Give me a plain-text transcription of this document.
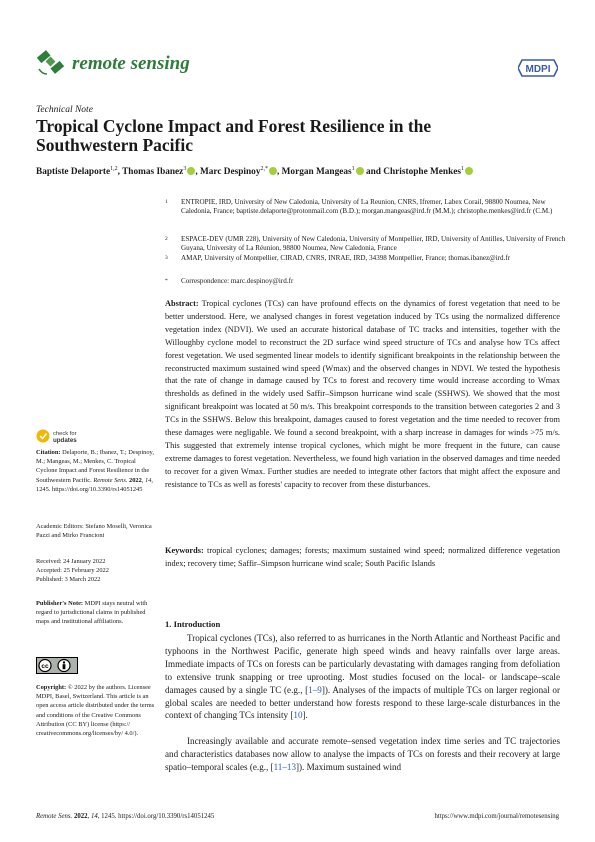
remote sensing	MDPI
Technical Note
Tropical Cyclone Impact and Forest Resilience in the Southwestern Pacific
Baptiste Delaporte$^{1,2}$, Thomas Ibanez$^3$ , Marc Despinoy$^{2,*}$ , Morgan Mangeas$^1$ and Christophe Menkes$^1$
1 ENTROPIE, IRD, University of New Caledonia, University of La Reunion, CNRS, Ifremer, Labex Corail, 98800 Noumea, New Caledonia, France; baptiste.delaporte@protonmail.com (B.D.); morgan.mangeas@ird.fr (M.M.); christophe.menkes@ird.fr (C.M.)
2 ESPACE-DEV (UMR 228), University of New Caledonia, University of Montpellier, IRD, University of Antilles, University of French Guyana, University of La Réunion, 98800 Noumea, New Caledonia, France
3 AMAP, University of Montpellier, CIRAD, CNRS, INRAE, IRD, 34398 Montpellier, France; thomas.ibanez@ird.fr
* Correspondence: marc.despinoy@ird.fr
Abstract: Tropical cyclones (TCs) can have profound effects on the dynamics of forest vegetation that need to be better understood. Here, we analysed changes in forest vegetation induced by TCs using the normalized difference vegetation index (NDVI). We used an accurate historical database of TC tracks and intensities, together with the Willoughby cyclone model to reconstruct the 2D surface wind speed structure of TCs and analyse how TCs affect forest vegetation. We used segmented linear models to identify significant breakpoints in the relationship between the reconstructed maximum sustained wind speed (Wmax) and the observed changes in NDVI. We tested the hypothesis that the rate of change in damage caused by TCs to forest and recovery time would increase according to Wmax thresholds as defined in the widely used Saffir–Simpson hurricane wind scale (SSHWS). We showed that the most significant breakpoint was located at 50 m/s. This breakpoint corresponds to the transition between categories 2 and 3 TCs in the SSHWS. Below this breakpoint, damages caused to forest vegetation and the time needed to recover from these damages were negligable. We found a second breakpoint, with a sharp increase in damages for winds >75 m/s. This suggested that extremely intense tropical cyclones, which might be more frequent in the future, can cause extreme damages to forest vegetation. Nevertheless, we found high variation in the observed damages and time needed to recover for a given Wmax. Further studies are needed to integrate other factors that might affect the exposure and resistance to TCs as well as forests' capacity to recover from these disturbances.
Keywords: tropical cyclones; damages; forests; maximum sustained wind speed; normalized difference vegetation index; recovery time; Saffir–Simpson hurricane wind scale; South Pacific Islands
check for
updates
Citation: Delaporte, B.; Ibanez, T.; Despinoy, M.; Mangeas, M.; Menkes, C. Tropical Cyclone Impact and Forest Resilience in the Southwestern Pacific. Remote Sens. 2022, 14, 1245. https://doi.org/10.3390/rs14051245
Academic Editors: Stefano Moselli, Veronica Pazzi and Mirko Francioni
Received: 24 January 2022
Accepted: 25 February 2022
Published: 3 March 2022
Publisher's Note: MDPI stays neutral with regard to jurisdictional claims in published maps and institutional affiliations.
cc
Copyright: © 2022 by the authors. Licensee MDPI, Basel, Switzerland. This article is an open access article distributed under the terms and conditions of the Creative Commons Attribution (CC BY) license (https:// creativecommons.org/licenses/by/ 4.0/).
1. Introduction
Tropical cyclones (TCs), also referred to as hurricanes in the North Atlantic and Northeast Pacific and typhoons in the Northwest Pacific, generate high speed winds and heavy rainfalls over large areas. Immediate impacts of TCs on forests can be particularly devastating with damages ranging from defoliation to extensive trunk snapping or tree uprooting. Most studies focused on the local- or landscape–scale damages caused by a single TC (e.g., [1–9]). Analyses of the impacts of multiple TCs on larger regional or global scales are needed to better understand how forests respond to these large-scale disturbances in the context of changing TCs intensity [10].
Increasingly available and accurate remote–sensed vegetation index time series and TC trajectories and characteristics databases now allow to analyse the impacts of TCs on forests and their recovery at large spatio–temporal scales (e.g., [11–13]). Maximum sustained wind
Remote Sens. 2022, 14, 1245. https://doi.org/10.3390/rs14051245	https://www.mdpi.com/journal/remotesensing
